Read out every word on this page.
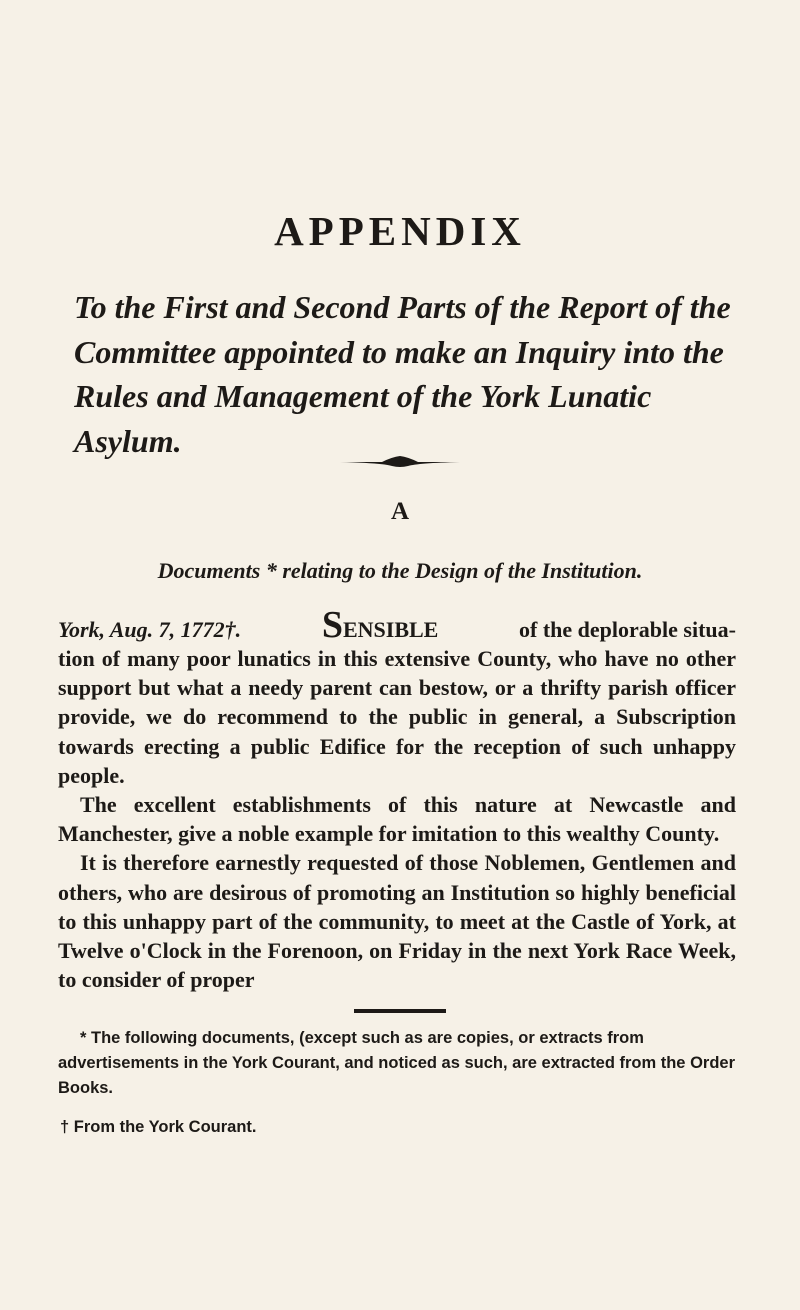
APPENDIX
To the First and Second Parts of the Report of the Committee appointed to make an Inquiry into the Rules and Management of the York Lunatic Asylum.
A
Documents * relating to the Design of the Institution.
York, Aug. 7, 1772†. SENSIBLE	of the deplorable situa-

tion of many poor lunatics in this extensive County, who have no other support but what a needy parent can bestow, or a thrifty parish officer provide, we do recommend to the public in general, a Subscription towards erecting a public Edifice for the reception of such unhappy people.

The excellent establishments of this nature at Newcastle and Manchester, give a noble example for imitation to this wealthy County.

It is therefore earnestly requested of those Noblemen, Gentlemen and others, who are desirous of promoting an Institution so highly beneficial to this unhappy part of the community, to meet at the Castle of York, at Twelve o'Clock in the Forenoon, on Friday in the next York Race Week, to consider of proper

* The following documents, (except such as are copies, or extracts from advertisements in the York Courant, and noticed as such, are extracted from the Order Books.

† From the York Courant.
